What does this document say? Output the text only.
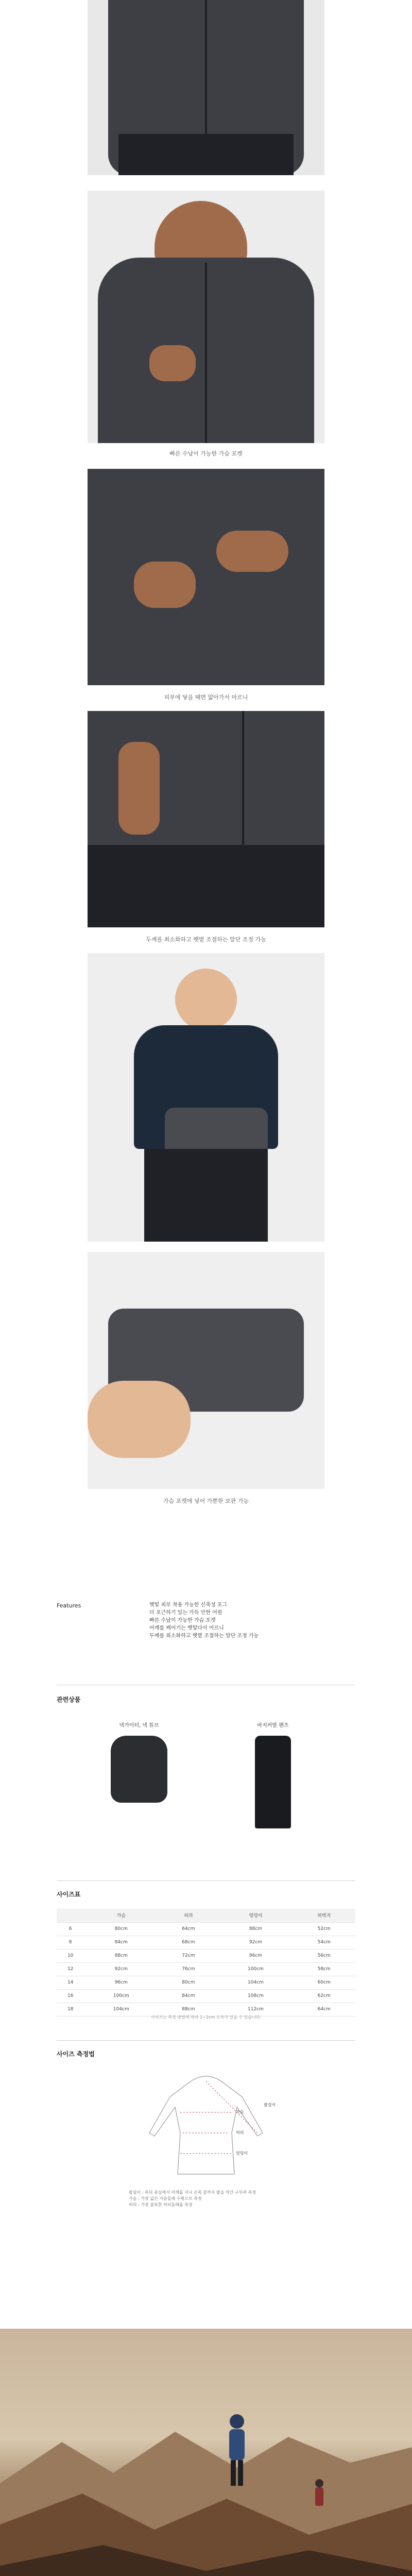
빠른 수납이 가능한 가슴 포켓
피부에 닿을 때면 얇아가서 마르니
두께를 최소화하고 햇볕 조절하는 알단 조정 가능
가슴 포켓에 넣어 가뿐한 보관 가능
Features	햇빛 피부 착용 가능한 신축성 포그
더 포근하기 있는 가득 안한 어원
빠른 수납이 가능한 가슴 포켓
어깨를 케어기는 햇빛다이 어르니
두께를 최소화하고 햇볕 조절하는 알단 조정 가능
관련상품
넥가이터, 넥 튜브	바지커발 팬츠
사이즈표
	가슴	허리	엉덩이	허벅지
6	80cm	64cm	88cm	52cm
8	84cm	68cm	92cm	54cm
10	88cm	72cm	96cm	56cm
12	92cm	76cm	100cm	58cm
14	96cm	80cm	104cm	60cm
16	100cm	84cm	108cm	62cm
18	104cm	88cm	112cm	64cm
사이즈는 측정 방법에 따라 1~2cm 오차가 있을 수 있습니다.
사이즈 측정법
팔길이
가슴
허리
엉덩이
팔길이 : 목뒤 중심에서 어깨를 지나 손목 끝까지 팔을 약간 구부려 측정
가슴 : 가장 넓은 가슴둘레 수평으로 측정
허리 : 가장 잘록한 허리둘레를 측정
